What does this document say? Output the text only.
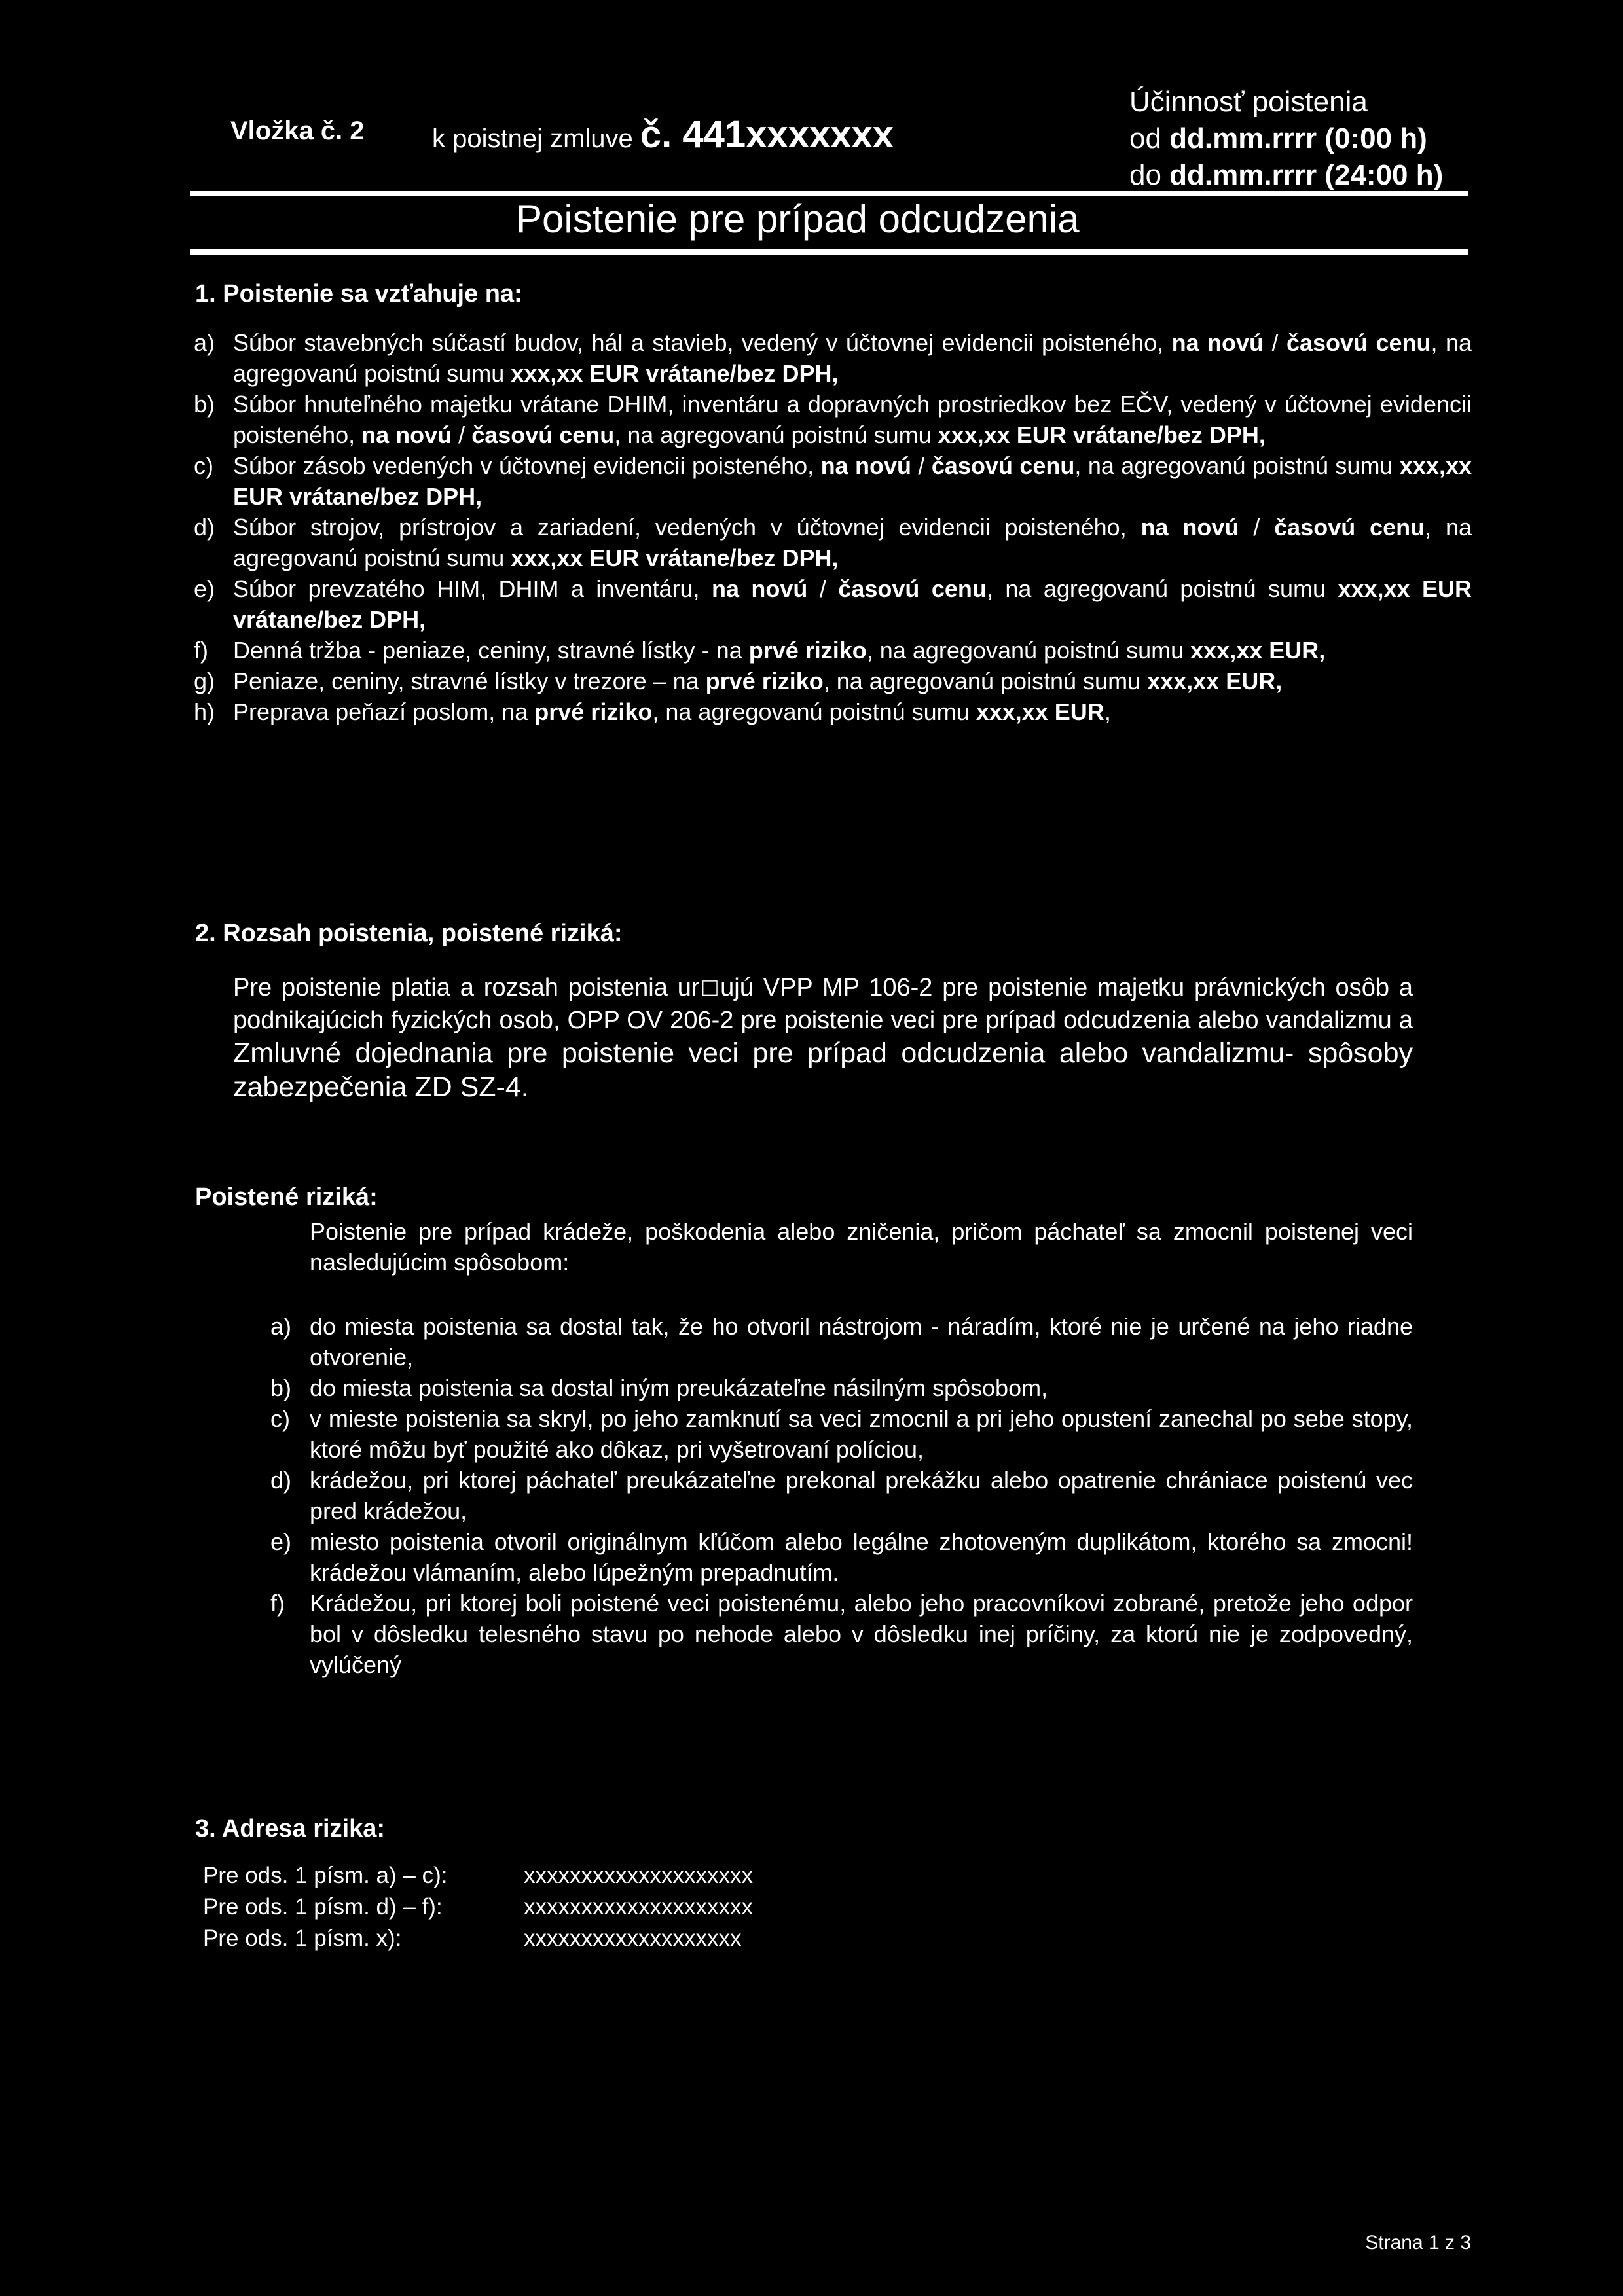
Vložka č. 2	k poistnej zmluve č. 441xxxxxxx
Účinnosť poistenia
od dd.mm.rrrr (0:00 h)
do dd.mm.rrrr (24:00 h)
Poistenie pre prípad odcudzenia
1. Poistenie sa vzťahuje na:
a) Súbor stavebných súčastí budov, hál a stavieb, vedený v účtovnej evidencii poisteného, na novú / časovú cenu, na agregovanú poistnú sumu xxx,xx EUR vrátane/bez DPH,
b) Súbor hnuteľného majetku vrátane DHIM, inventáru a dopravných prostriedkov bez EČV, vedený v účtovnej evidencii poisteného, na novú / časovú cenu, na agregovanú poistnú sumu xxx,xx EUR vrátane/bez DPH,
c) Súbor zásob vedených v účtovnej evidencii poisteného, na novú / časovú cenu, na agregovanú poistnú sumu xxx,xx EUR vrátane/bez DPH,
d) Súbor strojov, prístrojov a zariadení, vedených v účtovnej evidencii poisteného, na novú / časovú cenu, na agregovanú poistnú sumu xxx,xx EUR vrátane/bez DPH,
e) Súbor prevzatého HIM, DHIM a inventáru, na novú / časovú cenu, na agregovanú poistnú sumu xxx,xx EUR vrátane/bez DPH,
f)	Denná tržba - peniaze, ceniny, stravné lístky - na prvé riziko, na agregovanú poistnú sumu xxx,xx EUR,
g) Peniaze, ceniny, stravné lístky v trezore – na prvé riziko, na agregovanú poistnú sumu xxx,xx EUR,
h) Preprava peňazí poslom, na prvé riziko, na agregovanú poistnú sumu xxx,xx EUR,
2. Rozsah poistenia, poistené riziká:
Pre poistenie platia a rozsah poistenia ur□ujú VPP MP 106-2 pre poistenie majetku právnických osôb a podnikajúcich fyzických osob, OPP OV 206-2 pre poistenie veci pre prípad odcudzenia alebo vandalizmu a Zmluvné dojednania pre poistenie veci pre prípad odcudzenia alebo vandalizmu- spôsoby zabezpečenia ZD SZ-4.
Poistené riziká:
Poistenie pre prípad krádeže, poškodenia alebo zničenia, pričom páchateľ sa zmocnil poistenej veci nasledujúcim spôsobom:
a) do miesta poistenia sa dostal tak, že ho otvoril nástrojom - náradím, ktoré nie je určené na jeho riadne otvorenie,
b) do miesta poistenia sa dostal iným preukázateľne násilným spôsobom,
c) v mieste poistenia sa skryl, po jeho zamknutí sa veci zmocnil a pri jeho opustení zanechal po sebe stopy, ktoré môžu byť použité ako dôkaz, pri vyšetrovaní políciou,
d) krádežou, pri ktorej páchateľ preukázateľne prekonal prekážku alebo opatrenie chrániace poistenú vec pred krádežou,
e) miesto poistenia otvoril originálnym kľúčom alebo legálne zhotoveným duplikátom, ktorého sa zmocni! krádežou vlámaním, alebo lúpežným prepadnutím.
f)	Krádežou, pri ktorej boli poistené veci poistenému, alebo jeho pracovníkovi zobrané, pretože jeho odpor bol v dôsledku telesného stavu po nehode alebo v dôsledku inej príčiny, za ktorú nie je zodpovedný, vylúčený
3. Adresa rizika:
Pre ods. 1 písm. a) – c):	xxxxxxxxxxxxxxxxxxxx
Pre ods. 1 písm. d) – f):	xxxxxxxxxxxxxxxxxxxx
Pre ods. 1 písm. x):	xxxxxxxxxxxxxxxxxxx
Strana 1 z 3
